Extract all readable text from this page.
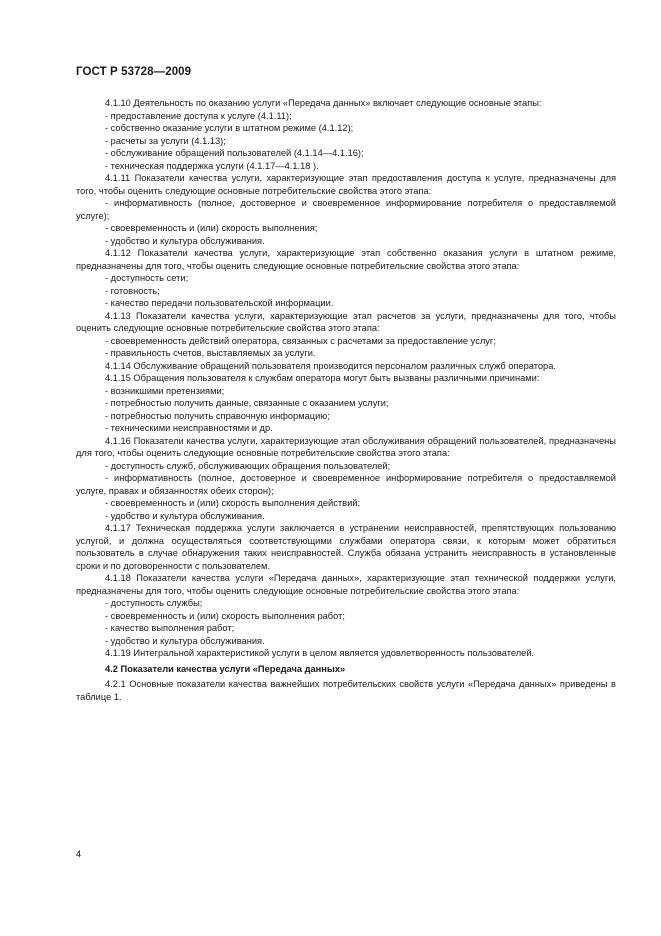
ГОСТ Р 53728—2009

4.1.10 Деятельность по оказанию услуги «Передача данных» включает следующие основные этапы:

- предоставление доступа к услуге (4.1.11);

- собственно оказание услуги в штатном режиме (4.1.12);

- расчеты за услуги (4.1.13);

- обслуживание обращений пользователей (4.1.14—4.1.16);

- техническая поддержка услуги (4.1.17—4.1.18 ).

4.1.11 Показатели качества услуги, характеризующие этап предоставления доступа к услуге, предназначены для того, чтобы оценить следующие основные потребительские свойства этого этапа:

- информативность (полное, достоверное и своевременное информирование потребителя о предоставляемой услуге);

- своевременность и (или) скорость выполнения;

- удобство и культура обслуживания.

4.1.12 Показатели качества услуги, характеризующие этап собственно оказания услуги в штатном режиме, предназначены для того, чтобы оценить следующие основные потребительские свойства этого этапа:

- доступность сети;

- готовность;

- качество передачи пользовательской информации.

4.1.13 Показатели качества услуги, характеризующие этап расчетов за услуги, предназначены для того, чтобы оценить следующие основные потребительские свойства этого этапа:

- своевременность действий оператора, связанных с расчетами за предоставление услуг;

- правильность счетов, выставляемых за услуги.

4.1.14 Обслуживание обращений пользователя производится персоналом различных служб оператора.

4.1.15 Обращения пользователя к службам оператора могут быть вызваны различными причинами:

- возникшими претензиями;

- потребностью получить данные, связанные с оказанием услуги;

- потребностью получить справочную информацию;

- техническими неисправностями и др.

4.1.16 Показатели качества услуги, характеризующие этап обслуживания обращений пользователей, предназначены для того, чтобы оценить следующие основные потребительские свойства этого этапа:

- доступность служб, обслуживающих обращения пользователей;

- информативность (полное, достоверное и своевременное информирование потребителя о предоставляемой услуге, правах и обязанностях обеих сторон);

- своевременность и (или) скорость выполнения действий;

- удобство и культура обслуживания.

4.1.17 Техническая поддержка услуги заключается в устранении неисправностей, препятствующих пользованию услугой, и должна осуществляться соответствующими службами оператора связи, к которым может обратиться пользователь в случае обнаружения таких неисправностей. Служба обязана устранить неисправность в установленные сроки и по договоренности с пользователем.

4.1.18 Показатели качества услуги «Передача данных», характеризующие этап технической поддержки услуги, предназначены для того, чтобы оценить следующие основные потребительские свойства этого этапа:

- доступность службы;

- своевременность и (или) скорость выполнения работ;

- качество выполнения работ;

- удобство и культура обслуживания.

4.1.19 Интегральной характеристикой услуги в целом является удовлетворенность пользователей.

4.2 Показатели качества услуги «Передача данных»

4.2.1 Основные показатели качества важнейших потребительских свойств услуги «Передача данных» приведены в таблице 1.

4
